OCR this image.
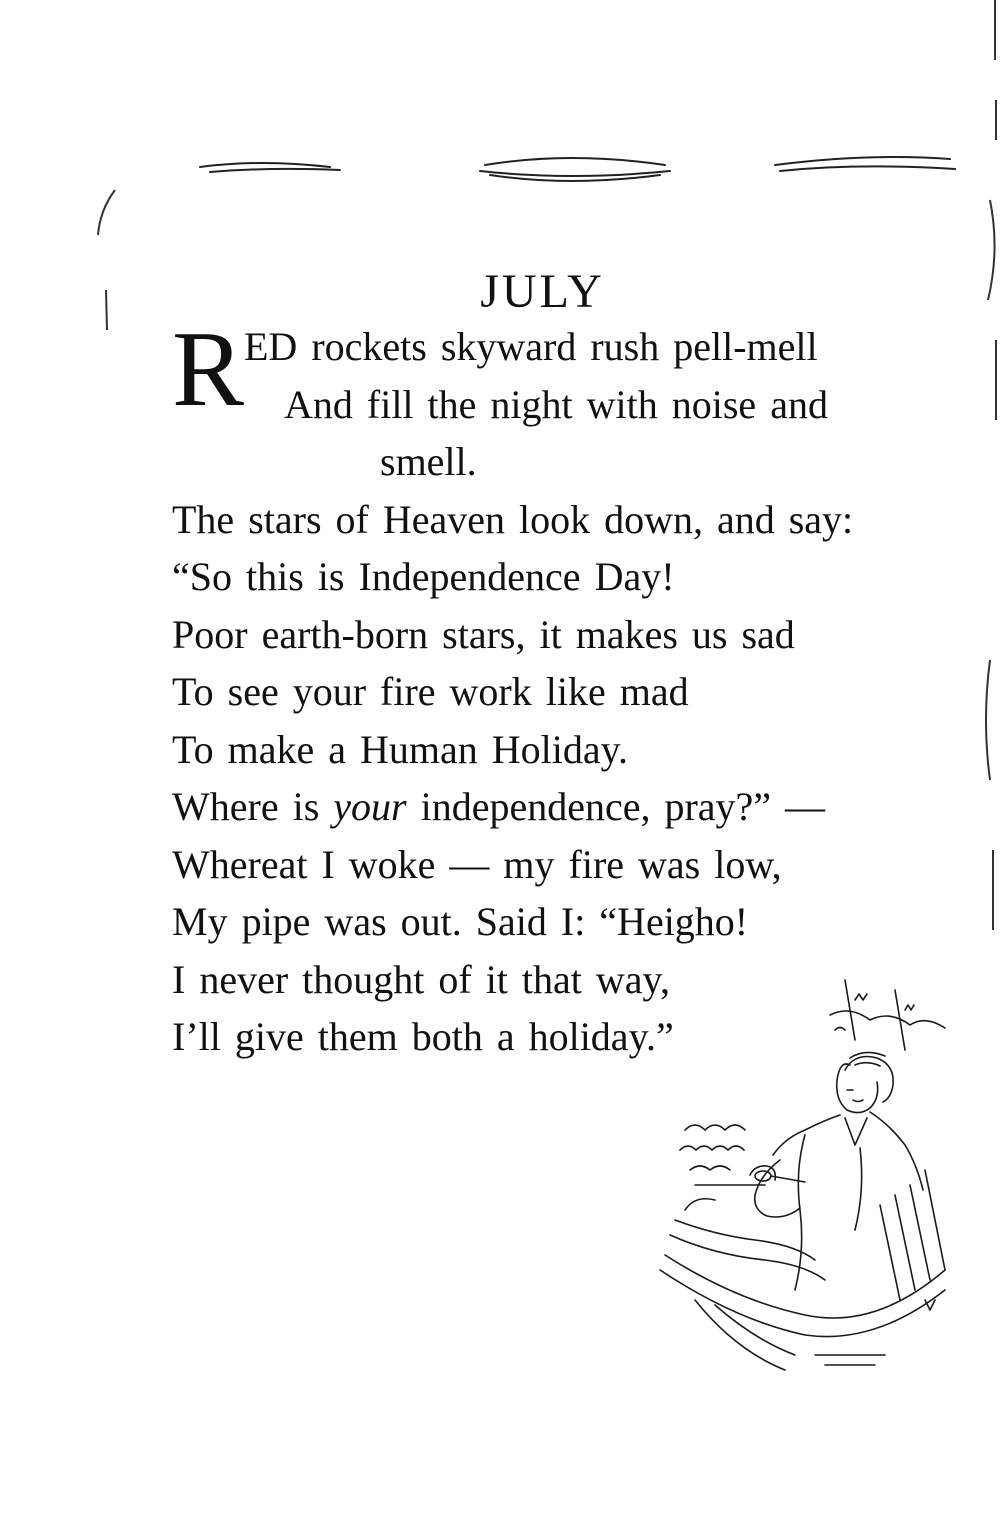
JULY
R ED rockets skyward rush pell-mell
And fill the night with noise and
smell.
The stars of Heaven look down, and say:
“So this is Independence Day!
Poor earth-born stars, it makes us sad
To see your fire work like mad
To make a Human Holiday.
Where is your independence, pray?” —
Whereat I woke — my fire was low,
My pipe was out. Said I: “Heigho!
I never thought of it that way,
I’ll give them both a holiday.”
